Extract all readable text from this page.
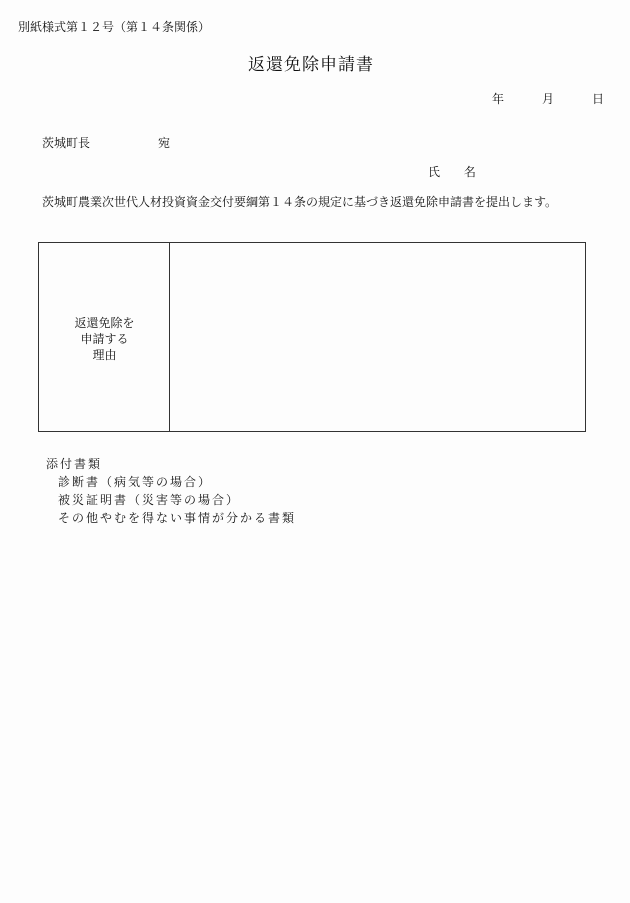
別紙様式第１２号（第１４条関係）
返還免除申請書
年	月	日
茨城町長	宛
氏 名
茨城町農業次世代人材投資資金交付要綱第１４条の規定に基づき返還免除申請書を提出します。
返還免除を
申請する
理由
添付書類
診断書（病気等の場合）
被災証明書（災害等の場合）
その他やむを得ない事情が分かる書類
